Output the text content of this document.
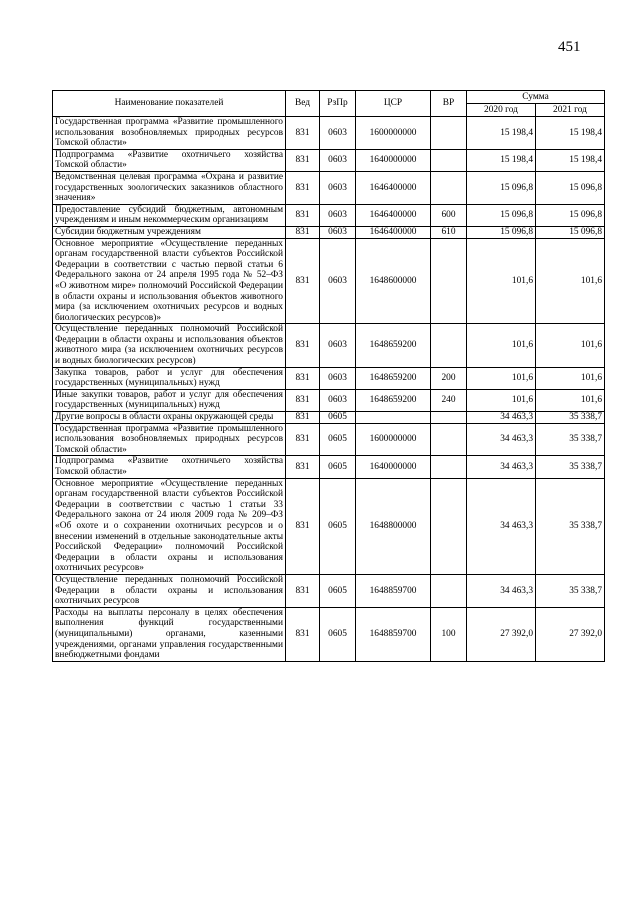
451
Наименование показателей	Вед	РзПр	ЦСР	ВР	Сумма	
					2020 год	2021 год
Государственная программа «Развитие промышленного использования возобновляемых природных ресурсов Томской области»	831	0603	1600000000		15 198,4	15 198,4
Подпрограмма «Развитие охотничьего хозяйства Томской области»	831	0603	1640000000		15 198,4	15 198,4
Ведомственная целевая программа «Охрана и развитие государственных зоологических заказников областного значения»	831	0603	1646400000		15 096,8	15 096,8
Предоставление субсидий бюджетным, автономным учреждениям и иным некоммерческим организациям	831	0603	1646400000	600	15 096,8	15 096,8
Субсидии бюджетным учреждениям	831	0603	1646400000	610	15 096,8	15 096,8
Основное мероприятие «Осуществление переданных органам государственной власти субъектов Российской Федерации в соответствии с частью первой статьи 6 Федерального закона от 24 апреля 1995 года № 52–ФЗ «О животном мире» полномочий Российской Федерации в области охраны и использования объектов животного мира (за исключением охотничьих ресурсов и водных биологических ресурсов)»	831	0603	1648600000		101,6	101,6
Осуществление переданных полномочий Российской Федерации в области охраны и использования объектов животного мира (за исключением охотничьих ресурсов и водных биологических ресурсов)	831	0603	1648659200		101,6	101,6
Закупка товаров, работ и услуг для обеспечения государственных (муниципальных) нужд	831	0603	1648659200	200	101,6	101,6
Иные закупки товаров, работ и услуг для обеспечения государственных (муниципальных) нужд	831	0603	1648659200	240	101,6	101,6
Другие вопросы в области охраны окружающей среды	831	0605			34 463,3	35 338,7
Государственная программа «Развитие промышленного использования возобновляемых природных ресурсов Томской области»	831	0605	1600000000		34 463,3	35 338,7
Подпрограмма «Развитие охотничьего хозяйства Томской области»	831	0605	1640000000		34 463,3	35 338,7
Основное мероприятие «Осуществление переданных органам государственной власти субъектов Российской Федерации в соответствии с частью 1 статьи 33 Федерального закона от 24 июля 2009 года № 209–ФЗ «Об охоте и о сохранении охотничьих ресурсов и о внесении изменений в отдельные законодательные акты Российской Федерации» полномочий Российской Федерации в области охраны и использования охотничьих ресурсов»	831	0605	1648800000		34 463,3	35 338,7
Осуществление переданных полномочий Российской Федерации в области охраны и использования охотничьих ресурсов	831	0605	1648859700		34 463,3	35 338,7
Расходы на выплаты персоналу в целях обеспечения выполнения функций государственными (муниципальными) органами, казенными учреждениями, органами управления государственными внебюджетными фондами	831	0605	1648859700	100	27 392,0	27 392,0
